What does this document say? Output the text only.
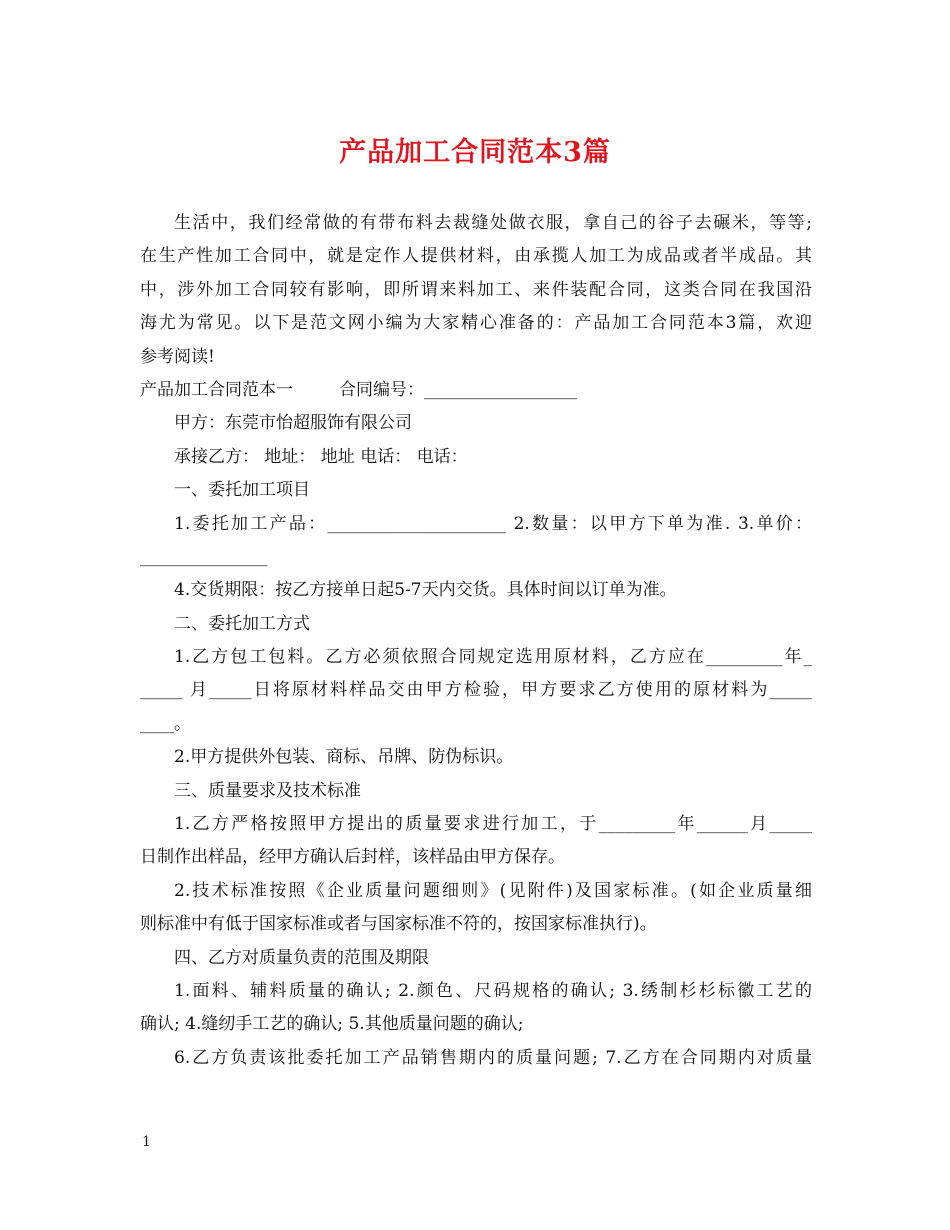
产品加工合同范本3篇
生活中，我们经常做的有带布料去裁缝处做衣服，拿自己的谷子去碾米，等等;
在生产性加工合同中，就是定作人提供材料，由承揽人加工为成品或者半成品。其
中，涉外加工合同较有影响，即所谓来料加工、来件装配合同，这类合同在我国沿
海尤为常见。以下是范文网小编为大家精心准备的：产品加工合同范本3篇，欢迎
参考阅读!
产品加工合同范本一	合同编号：__________________
甲方：东莞市怡超服饰有限公司
承接乙方： 地址： 地址 电话： 电话：
一、委托加工项目
1.委托加工产品：_____________________ 2.数量：以甲方下单为准. 3.单价：
_______________
4.交货期限：按乙方接单日起5-7天内交货。具体时间以订单为准。
二、委托加工方式
1.乙方包工包料。乙方必须依照合同规定选用原材料，乙方应在_________年_
_____ 月_____日将原材料样品交由甲方检验，甲方要求乙方使用的原材料为_____
____。
2.甲方提供外包装、商标、吊牌、防伪标识。
三、质量要求及技术标准
1.乙方严格按照甲方提出的质量要求进行加工，于_________年______月_____
日制作出样品，经甲方确认后封样，该样品由甲方保存。
2.技术标准按照《企业质量问题细则》(见附件)及国家标准。(如企业质量细
则标准中有低于国家标准或者与国家标准不符的，按国家标准执行)。
四、乙方对质量负责的范围及期限
1.面料、辅料质量的确认; 2.颜色、尺码规格的确认; 3.绣制杉杉标徽工艺的
确认; 4.缝纫手工艺的确认; 5.其他质量问题的确认;
6.乙方负责该批委托加工产品销售期内的质量问题; 7.乙方在合同期内对质量
1
